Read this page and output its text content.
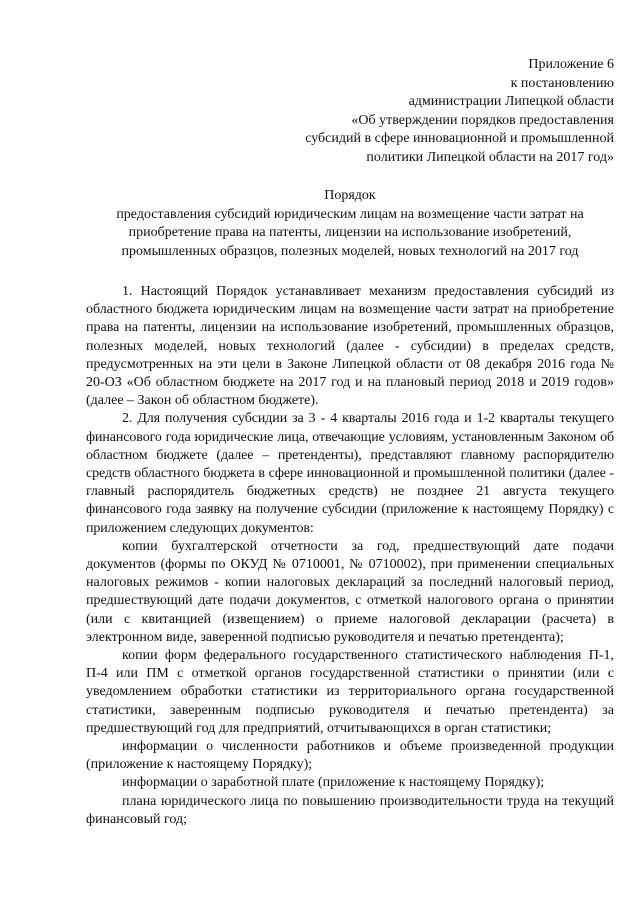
Приложение 6
к постановлению
администрации Липецкой области
«Об утверждении порядков предоставления
субсидий в сфере инновационной и промышленной
политики Липецкой области на 2017 год»
Порядок
предоставления субсидий юридическим лицам на возмещение части затрат на
приобретение права на патенты, лицензии на использование изобретений,
промышленных образцов, полезных моделей, новых технологий на 2017 год

1. Настоящий Порядок устанавливает механизм предоставления субсидий из областного бюджета юридическим лицам на возмещение части затрат на приобретение права на патенты, лицензии на использование изобретений, промышленных образцов, полезных моделей, новых технологий (далее - субсидии) в пределах средств, предусмотренных на эти цели в Законе Липецкой области от 08 декабря 2016 года № 20-ОЗ «Об областном бюджете на 2017 год и на плановый период 2018 и 2019 годов» (далее – Закон об областном бюджете).

2. Для получения субсидии за 3 - 4 кварталы 2016 года и 1-2 кварталы текущего финансового года юридические лица, отвечающие условиям, установленным Законом об областном бюджете (далее – претенденты), представляют главному распорядителю средств областного бюджета в сфере инновационной и промышленной политики (далее - главный распорядитель бюджетных средств) не позднее 21 августа текущего финансового года заявку на получение субсидии (приложение к настоящему Порядку) с приложением следующих документов:

копии бухгалтерской отчетности за год, предшествующий дате подачи документов (формы по ОКУД № 0710001, № 0710002), при применении специальных налоговых режимов - копии налоговых деклараций за последний налоговый период, предшествующий дате подачи документов, с отметкой налогового органа о принятии (или с квитанцией (извещением) о приеме налоговой декларации (расчета) в электронном виде, заверенной подписью руководителя и печатью претендента);

копии форм федерального государственного статистического наблюдения П-1, П-4 или ПМ с отметкой органов государственной статистики о принятии (или с уведомлением обработки статистики из территориального органа государственной статистики, заверенным подписью руководителя и печатью претендента) за предшествующий год для предприятий, отчитывающихся в орган статистики;

информации о численности работников и объеме произведенной продукции (приложение к настоящему Порядку);

информации о заработной плате (приложение к настоящему Порядку);

плана юридического лица по повышению производительности труда на текущий финансовый год;
